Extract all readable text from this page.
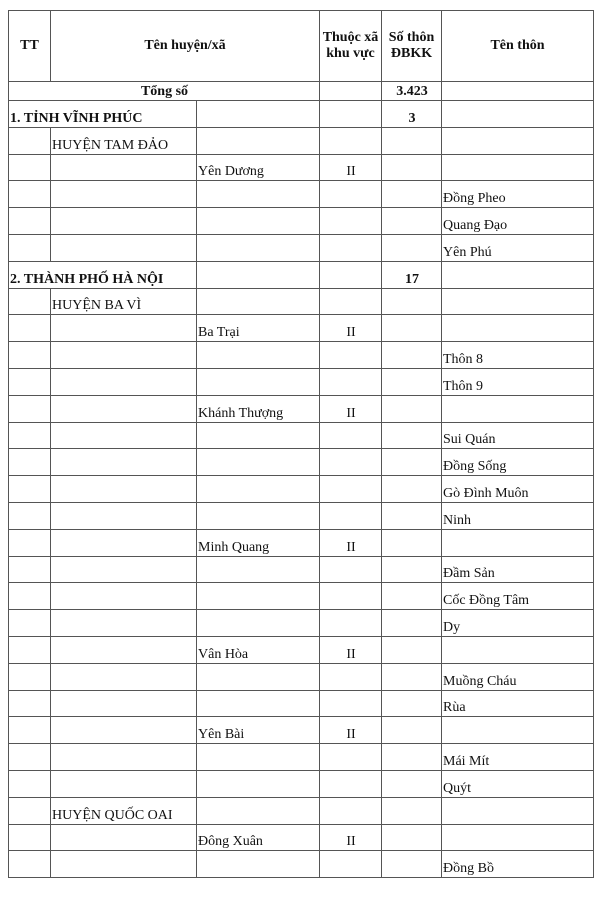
TT	Tên huyện/xã		Thuộc xã khu vực	Số thôn ĐBKK	Tên thôn
Tổng số				3.423	
1. TỈNH VĨNH PHÚC				3	
	HUYỆN TAM ĐẢO				
		Yên Dương	II		
					Đồng Pheo
					Quang Đạo
					Yên Phú
2. THÀNH PHỐ HÀ NỘI				17	
	HUYỆN BA VÌ				
		Ba Trại	II		
					Thôn 8
					Thôn 9
		Khánh Thượng	II		
					Sui Quán
					Đồng Sống
					Gò Đình Muôn
					Ninh
		Minh Quang	II		
					Đầm Sản
					Cốc Đồng Tâm
					Dy
		Vân Hòa	II		
					Muồng Cháu
					Rùa
		Yên Bài	II		
					Mái Mít
					Quýt
	HUYỆN QUỐC OAI				
		Đông Xuân	II		
					Đồng Bồ
